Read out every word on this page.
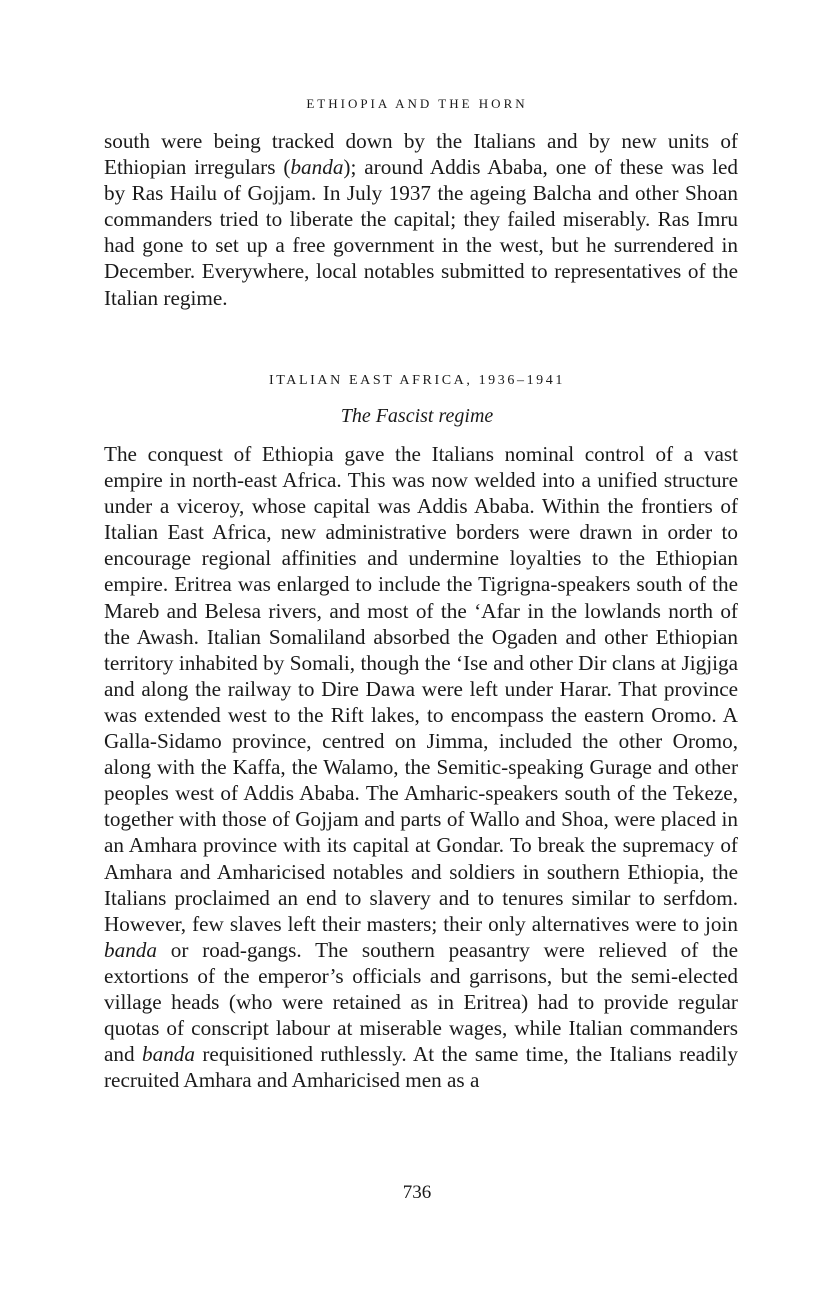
ETHIOPIA AND THE HORN

south were being tracked down by the Italians and by new units of Ethiopian irregulars (banda); around Addis Ababa, one of these was led by Ras Hailu of Gojjam. In July 1937 the ageing Balcha and other Shoan commanders tried to liberate the capital; they failed miserably. Ras Imru had gone to set up a free government in the west, but he surrendered in December. Everywhere, local notables submitted to representatives of the Italian regime.

ITALIAN EAST AFRICA, 1936–1941
The Fascist regime

The conquest of Ethiopia gave the Italians nominal control of a vast empire in north-east Africa. This was now welded into a unified structure under a viceroy, whose capital was Addis Ababa. Within the frontiers of Italian East Africa, new administrative borders were drawn in order to encourage regional affinities and undermine loyalties to the Ethiopian empire. Eritrea was enlarged to include the Tigrigna-speakers south of the Mareb and Belesa rivers, and most of the ‘Afar in the lowlands north of the Awash. Italian Somaliland absorbed the Ogaden and other Ethiopian territory inhabited by Somali, though the ‘Ise and other Dir clans at Jigjiga and along the railway to Dire Dawa were left under Harar. That province was extended west to the Rift lakes, to encompass the eastern Oromo. A Galla-Sidamo province, centred on Jimma, included the other Oromo, along with the Kaffa, the Walamo, the Semitic-speaking Gurage and other peoples west of Addis Ababa. The Amharic-speakers south of the Tekeze, together with those of Gojjam and parts of Wallo and Shoa, were placed in an Amhara province with its capital at Gondar. To break the supremacy of Amhara and Amharicised notables and soldiers in southern Ethiopia, the Italians proclaimed an end to slavery and to tenures similar to serfdom. However, few slaves left their masters; their only alternatives were to join banda or road-gangs. The southern peasantry were relieved of the extortions of the emperor’s officials and garrisons, but the semi-elected village heads (who were retained as in Eritrea) had to provide regular quotas of conscript labour at miserable wages, while Italian commanders and banda requisitioned ruthlessly. At the same time, the Italians readily recruited Amhara and Amharicised men as a

736
